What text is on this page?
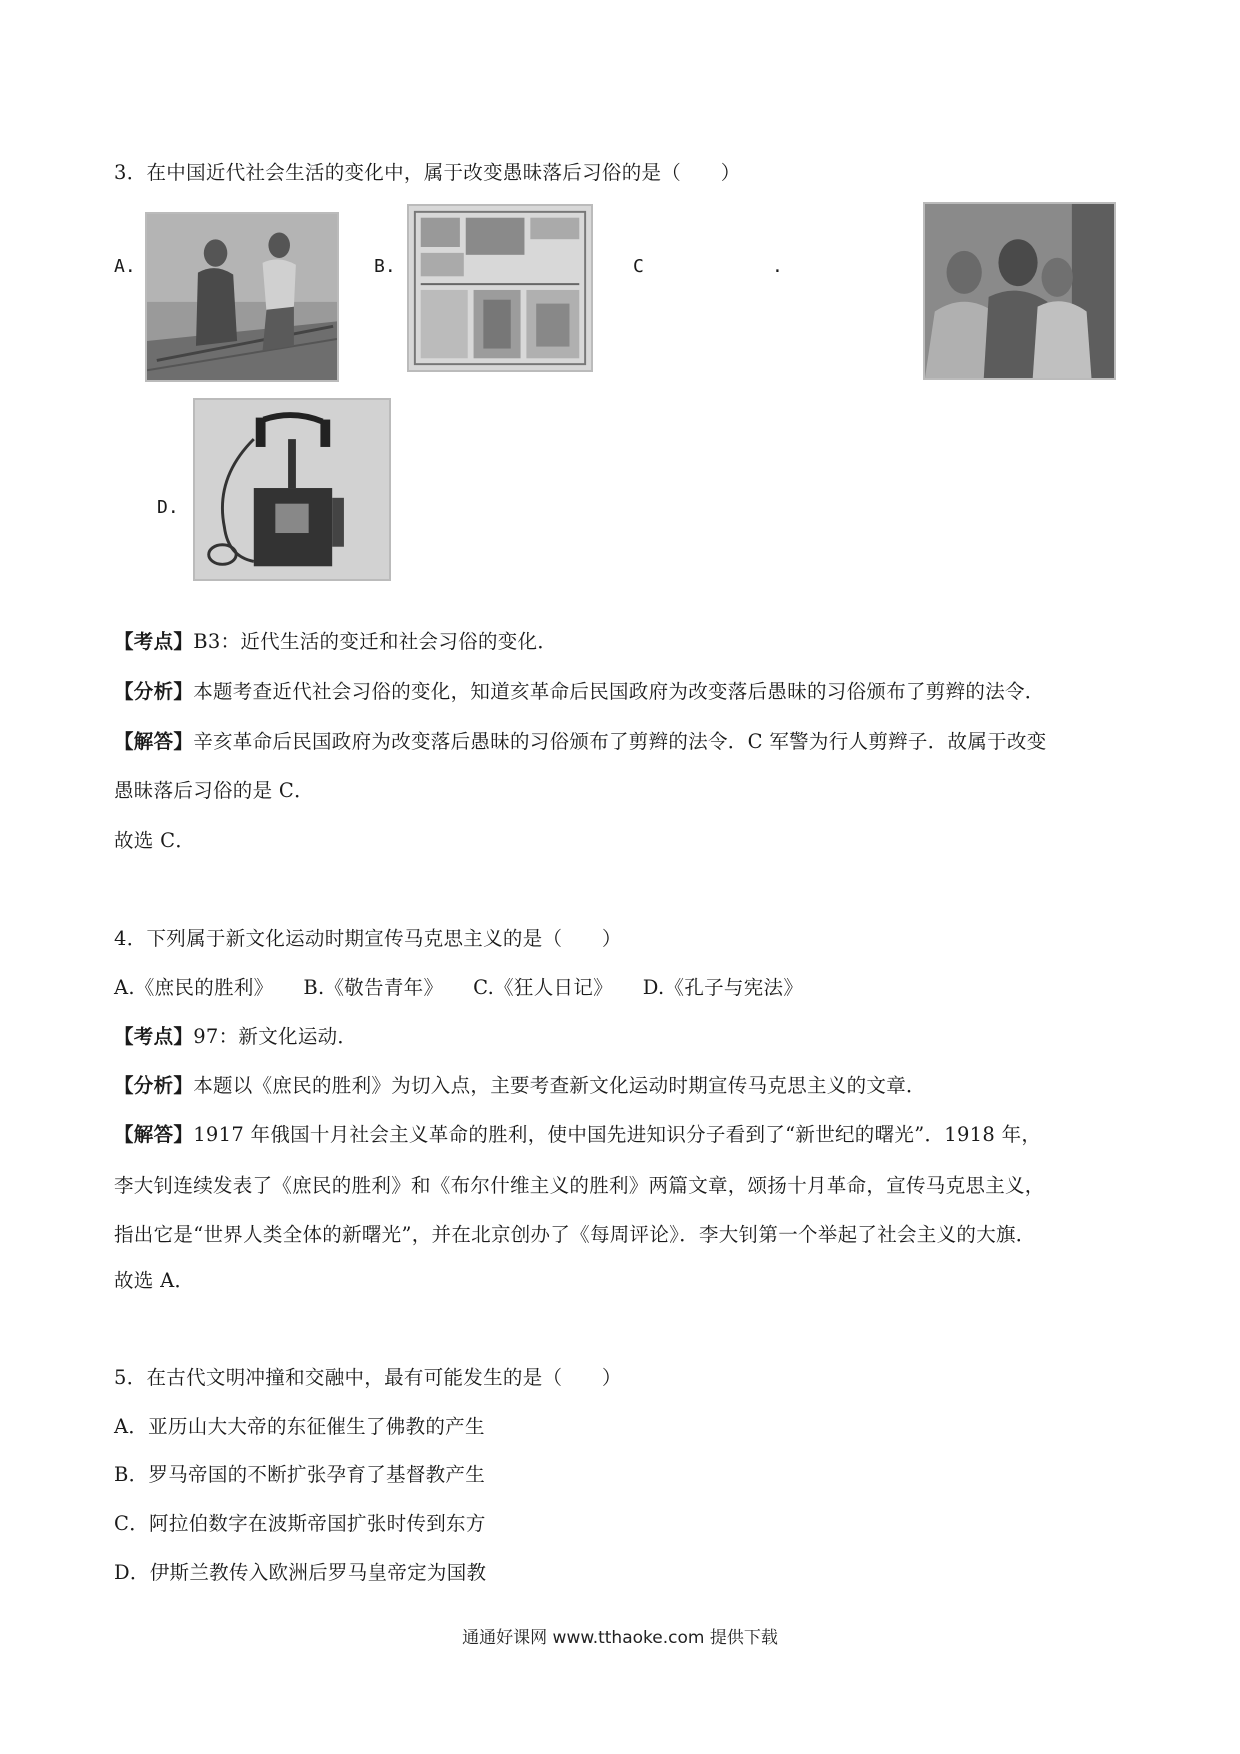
3．在中国近代社会生活的变化中，属于改变愚昧落后习俗的是（　　）
A.	B.	C	.
D.
【考点】B3：近代生活的变迁和社会习俗的变化．
【分析】本题考查近代社会习俗的变化，知道亥革命后民国政府为改变落后愚昧的习俗颁布了剪辫的法令．
【解答】辛亥革命后民国政府为改变落后愚昧的习俗颁布了剪辫的法令．C 军警为行人剪辫子．故属于改变
愚昧落后习俗的是 C．
故选 C．
4．下列属于新文化运动时期宣传马克思主义的是（　　）
A.《庶民的胜利》　　B.《敬告青年》　　C.《狂人日记》　　D.《孔子与宪法》
【考点】97：新文化运动．
【分析】本题以《庶民的胜利》为切入点，主要考查新文化运动时期宣传马克思主义的文章．
【解答】1917 年俄国十月社会主义革命的胜利，使中国先进知识分子看到了“新世纪的曙光”．1918 年，
李大钊连续发表了《庶民的胜利》和《布尔什维主义的胜利》两篇文章，颂扬十月革命，宣传马克思主义，
指出它是“世界人类全体的新曙光”，并在北京创办了《每周评论》．李大钊第一个举起了社会主义的大旗．
故选 A．
5．在古代文明冲撞和交融中，最有可能发生的是（　　）
A．亚历山大大帝的东征催生了佛教的产生
B．罗马帝国的不断扩张孕育了基督教产生
C．阿拉伯数字在波斯帝国扩张时传到东方
D．伊斯兰教传入欧洲后罗马皇帝定为国教
通通好课网 www.tthaoke.com 提供下载
